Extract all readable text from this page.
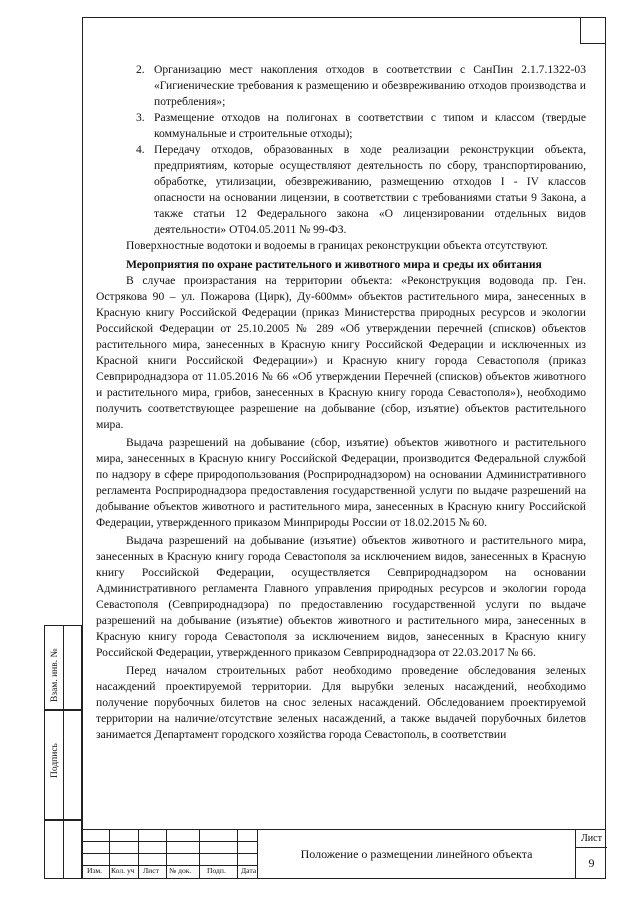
2. Организацию мест накопления отходов в соответствии с СанПин 2.1.7.1322-03 «Гигиенические требования к размещению и обезвреживанию отходов производства и потребления»;

3. Размещение отходов на полигонах в соответствии с типом и классом (твердые коммунальные и строительные отходы);

4. Передачу отходов, образованных в ходе реализации реконструкции объекта, предприятиям, которые осуществляют деятельность по сбору, транспортированию, обработке, утилизации, обезвреживанию, размещению отходов I - IV классов опасности на основании лицензии, в соответствии с требованиями статьи 9 Закона, а также статьи 12 Федерального закона «О лицензировании отдельных видов деятельности» ОТ04.05.2011 № 99-ФЗ.

Поверхностные водотоки и водоемы в границах реконструкции объекта отсутствуют.

Мероприятия по охране растительного и животного мира и среды их обитания

В случае произрастания на территории объекта: «Реконструкция водовода пр. Ген. Острякова 90 – ул. Пожарова (Цирк), Ду-600мм» объектов растительного мира, занесенных в Красную книгу Российской Федерации (приказ Министерства природных ресурсов и экологии Российской Федерации от 25.10.2005 № 289 «Об утверждении перечней (списков) объектов растительного мира, занесенных в Красную книгу Российской Федерации и исключенных из Красной книги Российской Федерации») и Красную книгу города Севастополя (приказ Севприроднадзора от 11.05.2016 № 66 «Об утверждении Перечней (списков) объектов животного и растительного мира, грибов, занесенных в Красную книгу города Севастополя»), необходимо получить соответствующее разрешение на добывание (сбор, изъятие) объектов растительного мира.

Выдача разрешений на добывание (сбор, изъятие) объектов животного и растительного мира, занесенных в Красную книгу Российской Федерации, производится Федеральной службой по надзору в сфере природопользования (Росприроднадзором) на основании Административного регламента Росприроднадзора предоставления государственной услуги по выдаче разрешений на добывание объектов животного и растительного мира, занесенных в Красную книгу Российской Федерации, утвержденного приказом Минприроды России от 18.02.2015 № 60.

Выдача разрешений на добывание (изъятие) объектов животного и растительного мира, занесенных в Красную книгу города Севастополя за исключением видов, занесенных в Красную книгу Российской Федерации, осуществляется Севприроднадзором на основании Административного регламента Главного управления природных ресурсов и экологии города Севастополя (Севприроднадзора) по предоставлению государственной услуги по выдаче разрешений на добывание (изъятие) объектов животного и растительного мира, занесенных в Красную книгу города Севастополя за исключением видов, занесенных в Красную книгу Российской Федерации, утвержденного приказом Севприроднадзора от 22.03.2017 № 66.

Перед началом строительных работ необходимо проведение обследования зеленых насаждений проектируемой территории. Для вырубки зеленых насаждений, необходимо получение порубочных билетов на снос зеленых насаждений. Обследованием проектируемой территории на наличие/отсутствие зеленых насаждений, а также выдачей порубочных билетов занимается Департамент городского хозяйства города Севастополь, в соответствии

Взам. инв. №
Подпись
Изм. Кол. уч Лист № док. Подп. Дата
Положение о размещении линейного объекта
Лист
9
